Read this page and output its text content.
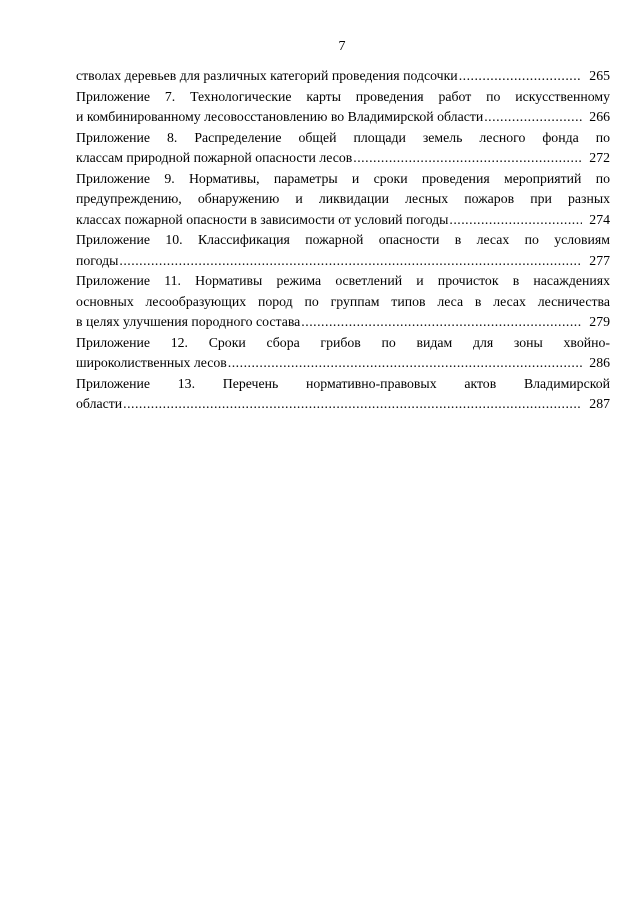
7
стволах деревьев для различных категорий проведения подсочки .....	265
Приложение 7. Технологические карты проведения работ по искусственному
и комбинированному лесовосстановлению во Владимирской области .....	266
Приложение 8. Распределение общей площади земель лесного фонда по
классам природной пожарной опасности лесов .....	272
Приложение 9. Нормативы, параметры и сроки проведения мероприятий по
предупреждению, обнаружению и ликвидации лесных пожаров при разных
классах пожарной опасности в зависимости от условий погоды .....	274
Приложение 10. Классификация пожарной опасности в лесах по условиям
погоды .....	277
Приложение 11. Нормативы режима осветлений и прочисток в насаждениях
основных лесообразующих пород по группам типов леса в лесах лесничества
в целях улучшения породного состава .....	279
Приложение 12. Сроки сбора грибов по видам для зоны хвойно-
широколиственных лесов .....	286
Приложение 13. Перечень нормативно-правовых актов Владимирской
области .....	287
